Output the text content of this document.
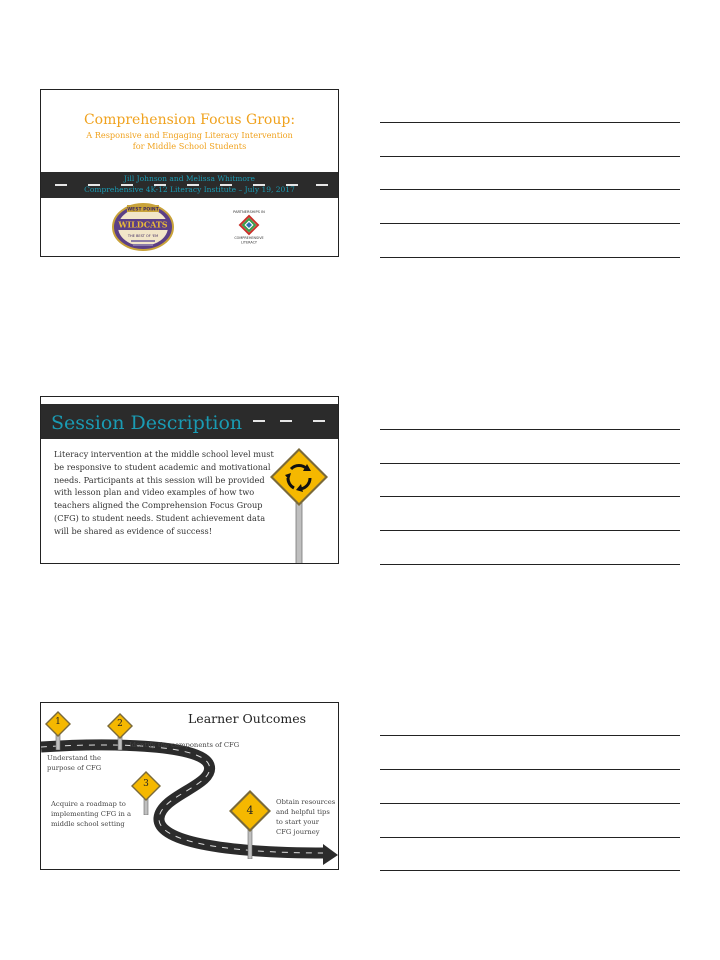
Comprehension Focus Group:
A Responsive and Engaging Literacy Intervention
for Middle School Students
Jill Johnson and Melissa Whitmore
Comprehensive 4K-12 Literacy Institute – July 19, 2017
WEST POINT
WILDCATS
THE BEST OF 'EM
PARTNERSHIPS IN
COMPREHENSIVE
LITERACY
Session Description
Literacy intervention at the middle school level must be responsive to student academic and motivational needs. Participants at this session will be provided with lesson plan and video examples of how two teachers aligned the Comprehension Focus Group (CFG) to student needs. Student achievement data will be shared as evidence of success!
Learner Outcomes
1	2
3
4
Understand the purpose of CFG
Identify the components of CFG
Acquire a roadmap to implementing CFG in a middle school setting
Obtain resources and helpful tips to start your CFG journey
